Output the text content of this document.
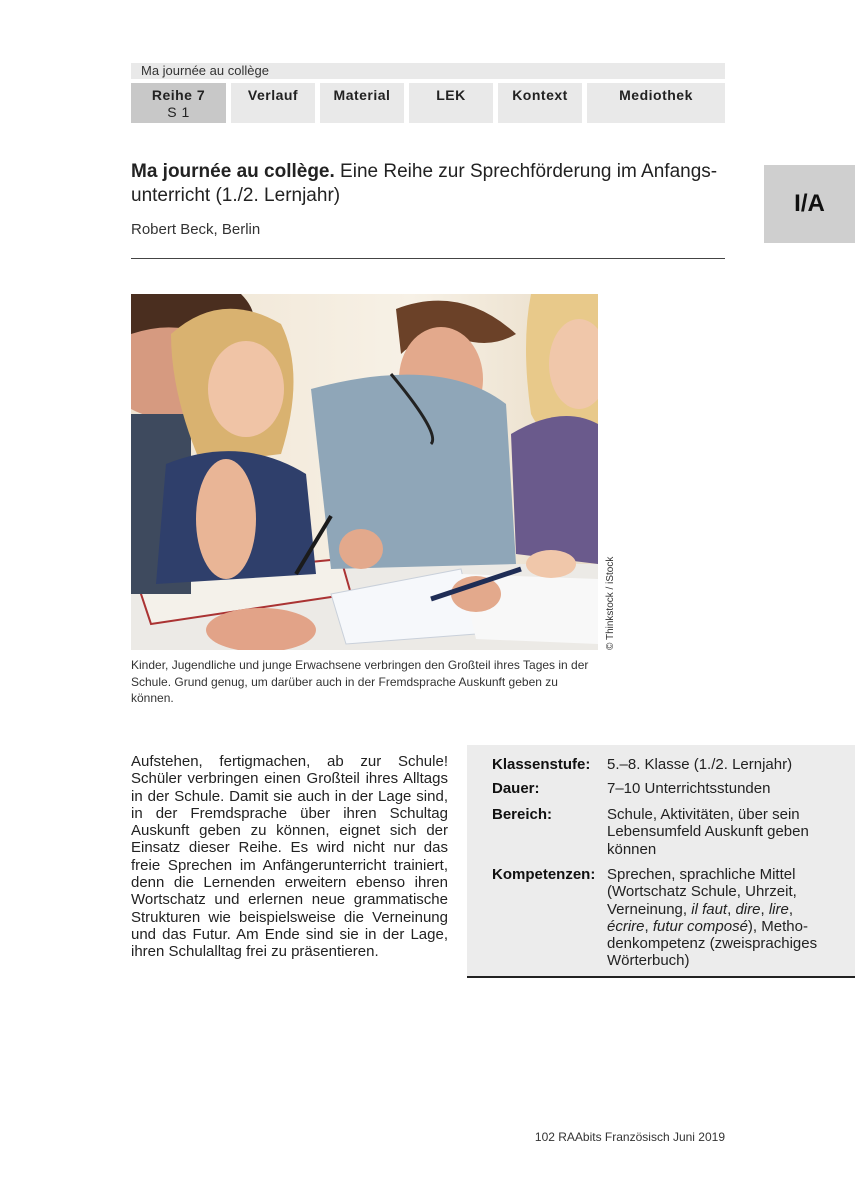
Ma journée au collège
Reihe 7
S 1
Verlauf	Material	LEK	Kontext	Mediothek
I/A
Ma journée au collège. Eine Reihe zur Sprechförderung im Anfangs-
unterricht (1./2. Lernjahr)
Robert Beck, Berlin
© Thinkstock / iStock
Kinder, Jugendliche und junge Erwachsene verbringen den Großteil ihres Tages in der Schule. Grund genug, um darüber auch in der Fremdsprache Auskunft geben zu können.
Aufstehen, fertigmachen, ab zur Schule! Schüler verbringen einen Großteil ihres Alltags in der Schule. Damit sie auch in der Lage sind, in der Fremdsprache über ihren Schultag Auskunft geben zu können, eignet sich der Einsatz dieser Reihe. Es wird nicht nur das freie Sprechen im Anfängerunterricht trainiert, denn die Lernenden erweitern ebenso ihren Wortschatz und erlernen neue grammatische Strukturen wie beispielsweise die Verneinung und das Futur. Am Ende sind sie in der Lage, ihren Schulalltag frei zu präsentieren.
Klassenstufe:	5.–8. Klasse (1./2. Lernjahr)
Dauer:	7–10 Unterrichtsstunden
Bereich:	Schule, Aktivitäten, über sein Lebensumfeld Auskunft geben können
Kompetenzen: Sprechen, sprachliche Mittel (Wortschatz Schule, Uhrzeit, Verneinung, il faut, dire, lire, écrire, futur composé), Methodenkompetenz (zweisprachiges Wörterbuch)
102 RAAbits Französisch Juni 2019
